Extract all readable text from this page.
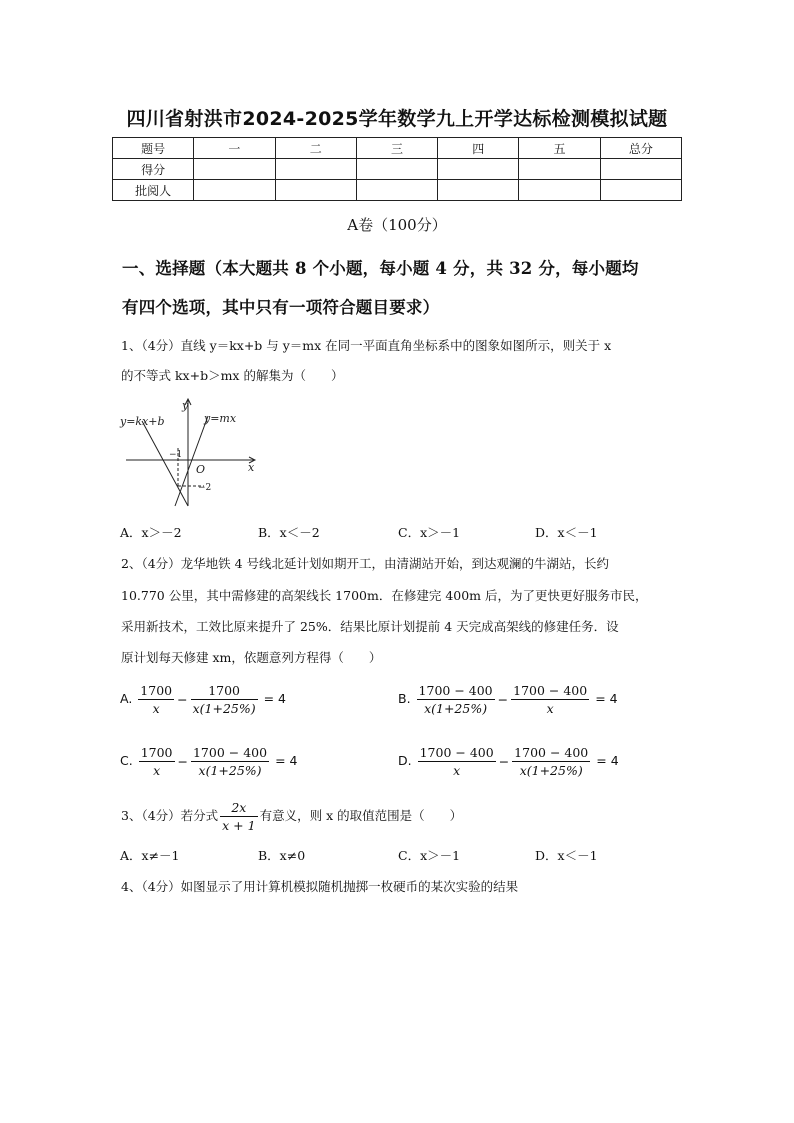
四川省射洪市2024-2025学年数学九上开学达标检测模拟试题
题号	一	二	三	四	五	总分
得分						
批阅人						
A卷（100分）
一、选择题（本大题共 8 个小题，每小题 4 分，共 32 分，每小题均
有四个选项，其中只有一项符合题目要求）
1、（4分）直线 y＝kx+b 与 y＝mx 在同一平面直角坐标系中的图象如图所示，则关于 x
的不等式 kx+b＞mx 的解集为（　　）
y=kx+b	y=mx
y
x
O
−1
−2
A．x＞－2	B．x＜－2	C．x＞－1	D．x＜－1
2、（4分）龙华地铁 4 号线北延计划如期开工，由清湖站开始，到达观澜的牛湖站，长约
10.770 公里，其中需修建的高架线长 1700m．在修建完 400m 后，为了更快更好服务市民，
采用新技术，工效比原来提升了 25%．结果比原计划提前 4 天完成高架线的修建任务．设
原计划每天修建 xm，依题意列方程得（　　）
A. $\frac{1700}{x} - \frac{1700}{x(1+25\%)} = 4$	B. $\frac{1700 - 400}{x(1+25\%)} - \frac{1700 - 400}{x} = 4$
C. $\frac{1700}{x} - \frac{1700 - 400}{x(1+25\%)} = 4$	D. $\frac{1700 - 400}{x} - \frac{1700 - 400}{x(1+25\%)} = 4$
3、（4分）若分式 $\frac{2x}{x + 1}$ 有意义，则 x 的取值范围是（　　）
A．x≠－1	B．x≠0	C．x＞－1	D．x＜－1
4、（4分）如图显示了用计算机模拟随机抛掷一枚硬币的某次实验的结果
